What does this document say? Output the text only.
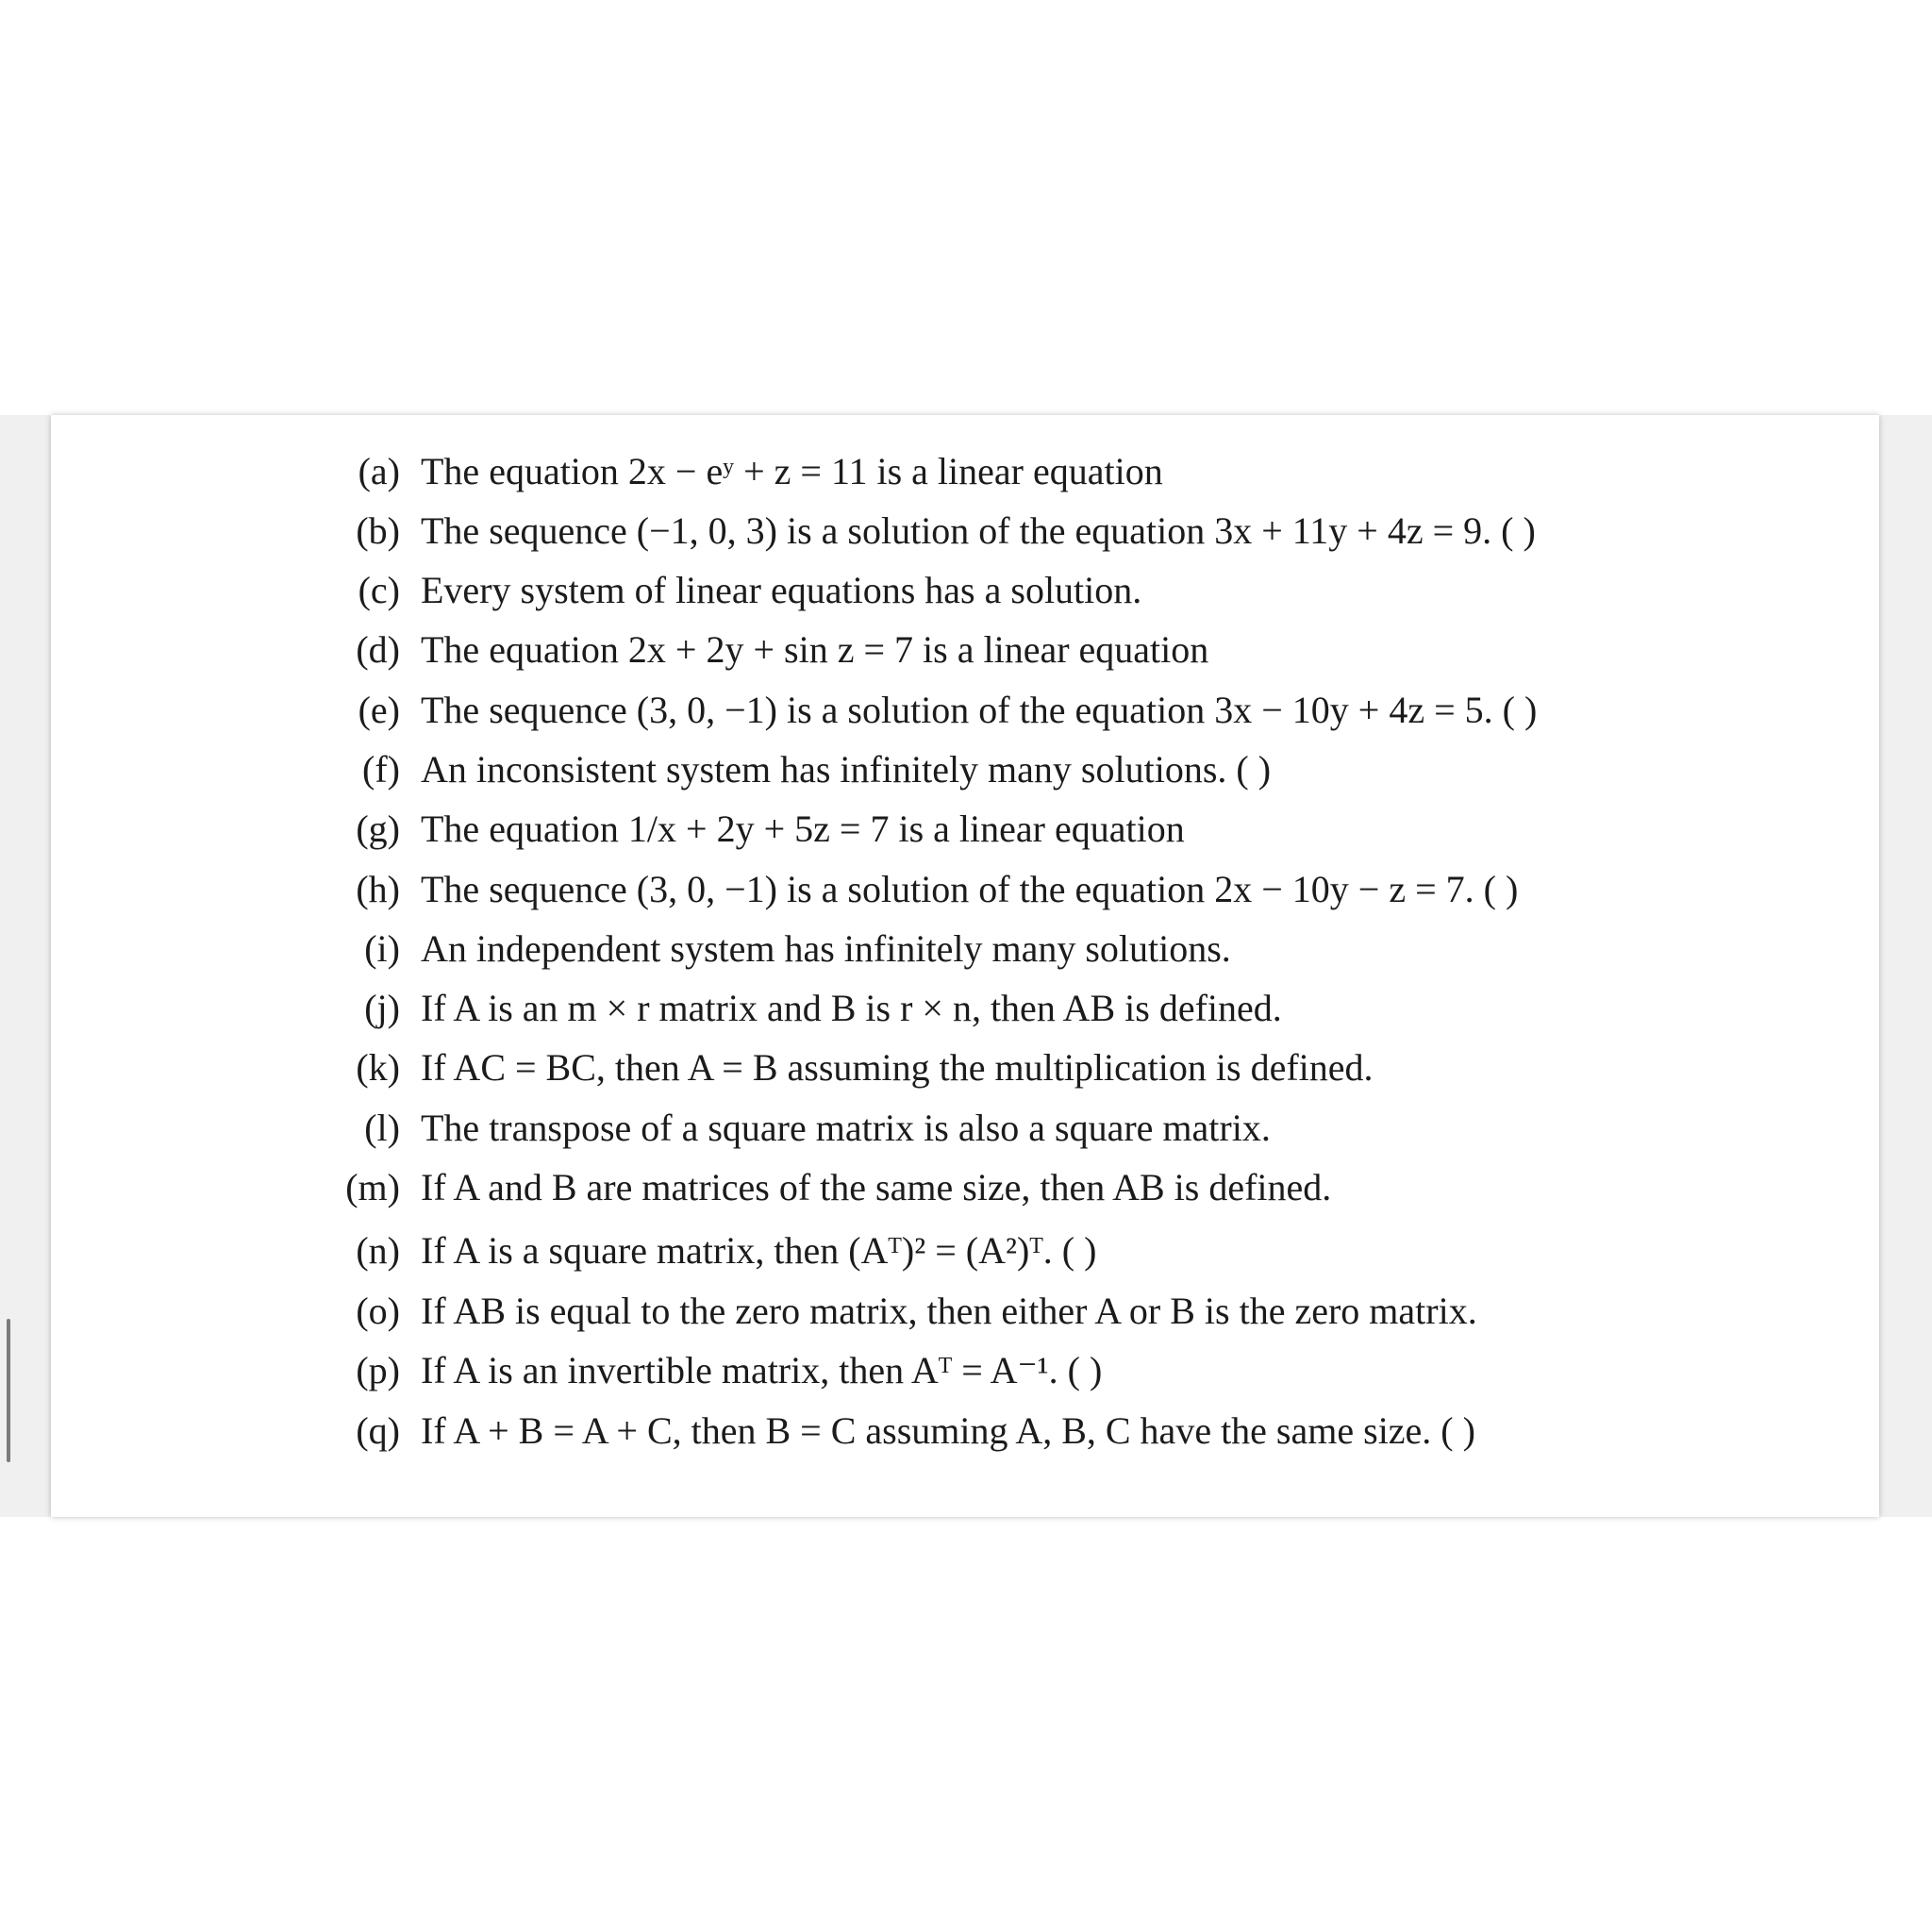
(a) The equation 2x − eʸ + z = 11 is a linear equation
(b) The sequence (−1, 0, 3) is a solution of the equation 3x + 11y + 4z = 9. ( )
(c) Every system of linear equations has a solution.
(d) The equation 2x + 2y + sin z = 7 is a linear equation
(e) The sequence (3, 0, −1) is a solution of the equation 3x − 10y + 4z = 5. ( )
(f) An inconsistent system has infinitely many solutions. ( )
(g) The equation 1/x + 2y + 5z = 7 is a linear equation
(h) The sequence (3, 0, −1) is a solution of the equation 2x − 10y − z = 7. ( )
(i) An independent system has infinitely many solutions.
(j) If A is an m × r matrix and B is r × n, then AB is defined.
(k) If AC = BC, then A = B assuming the multiplication is defined.
(l) The transpose of a square matrix is also a square matrix.
(m) If A and B are matrices of the same size, then AB is defined.
(n) If A is a square matrix, then (Aᵀ)² = (A²)ᵀ. ( )
(o) If AB is equal to the zero matrix, then either A or B is the zero matrix.
(p) If A is an invertible matrix, then Aᵀ = A⁻¹. ( )
(q) If A + B = A + C, then B = C assuming A, B, C have the same size. ( )
